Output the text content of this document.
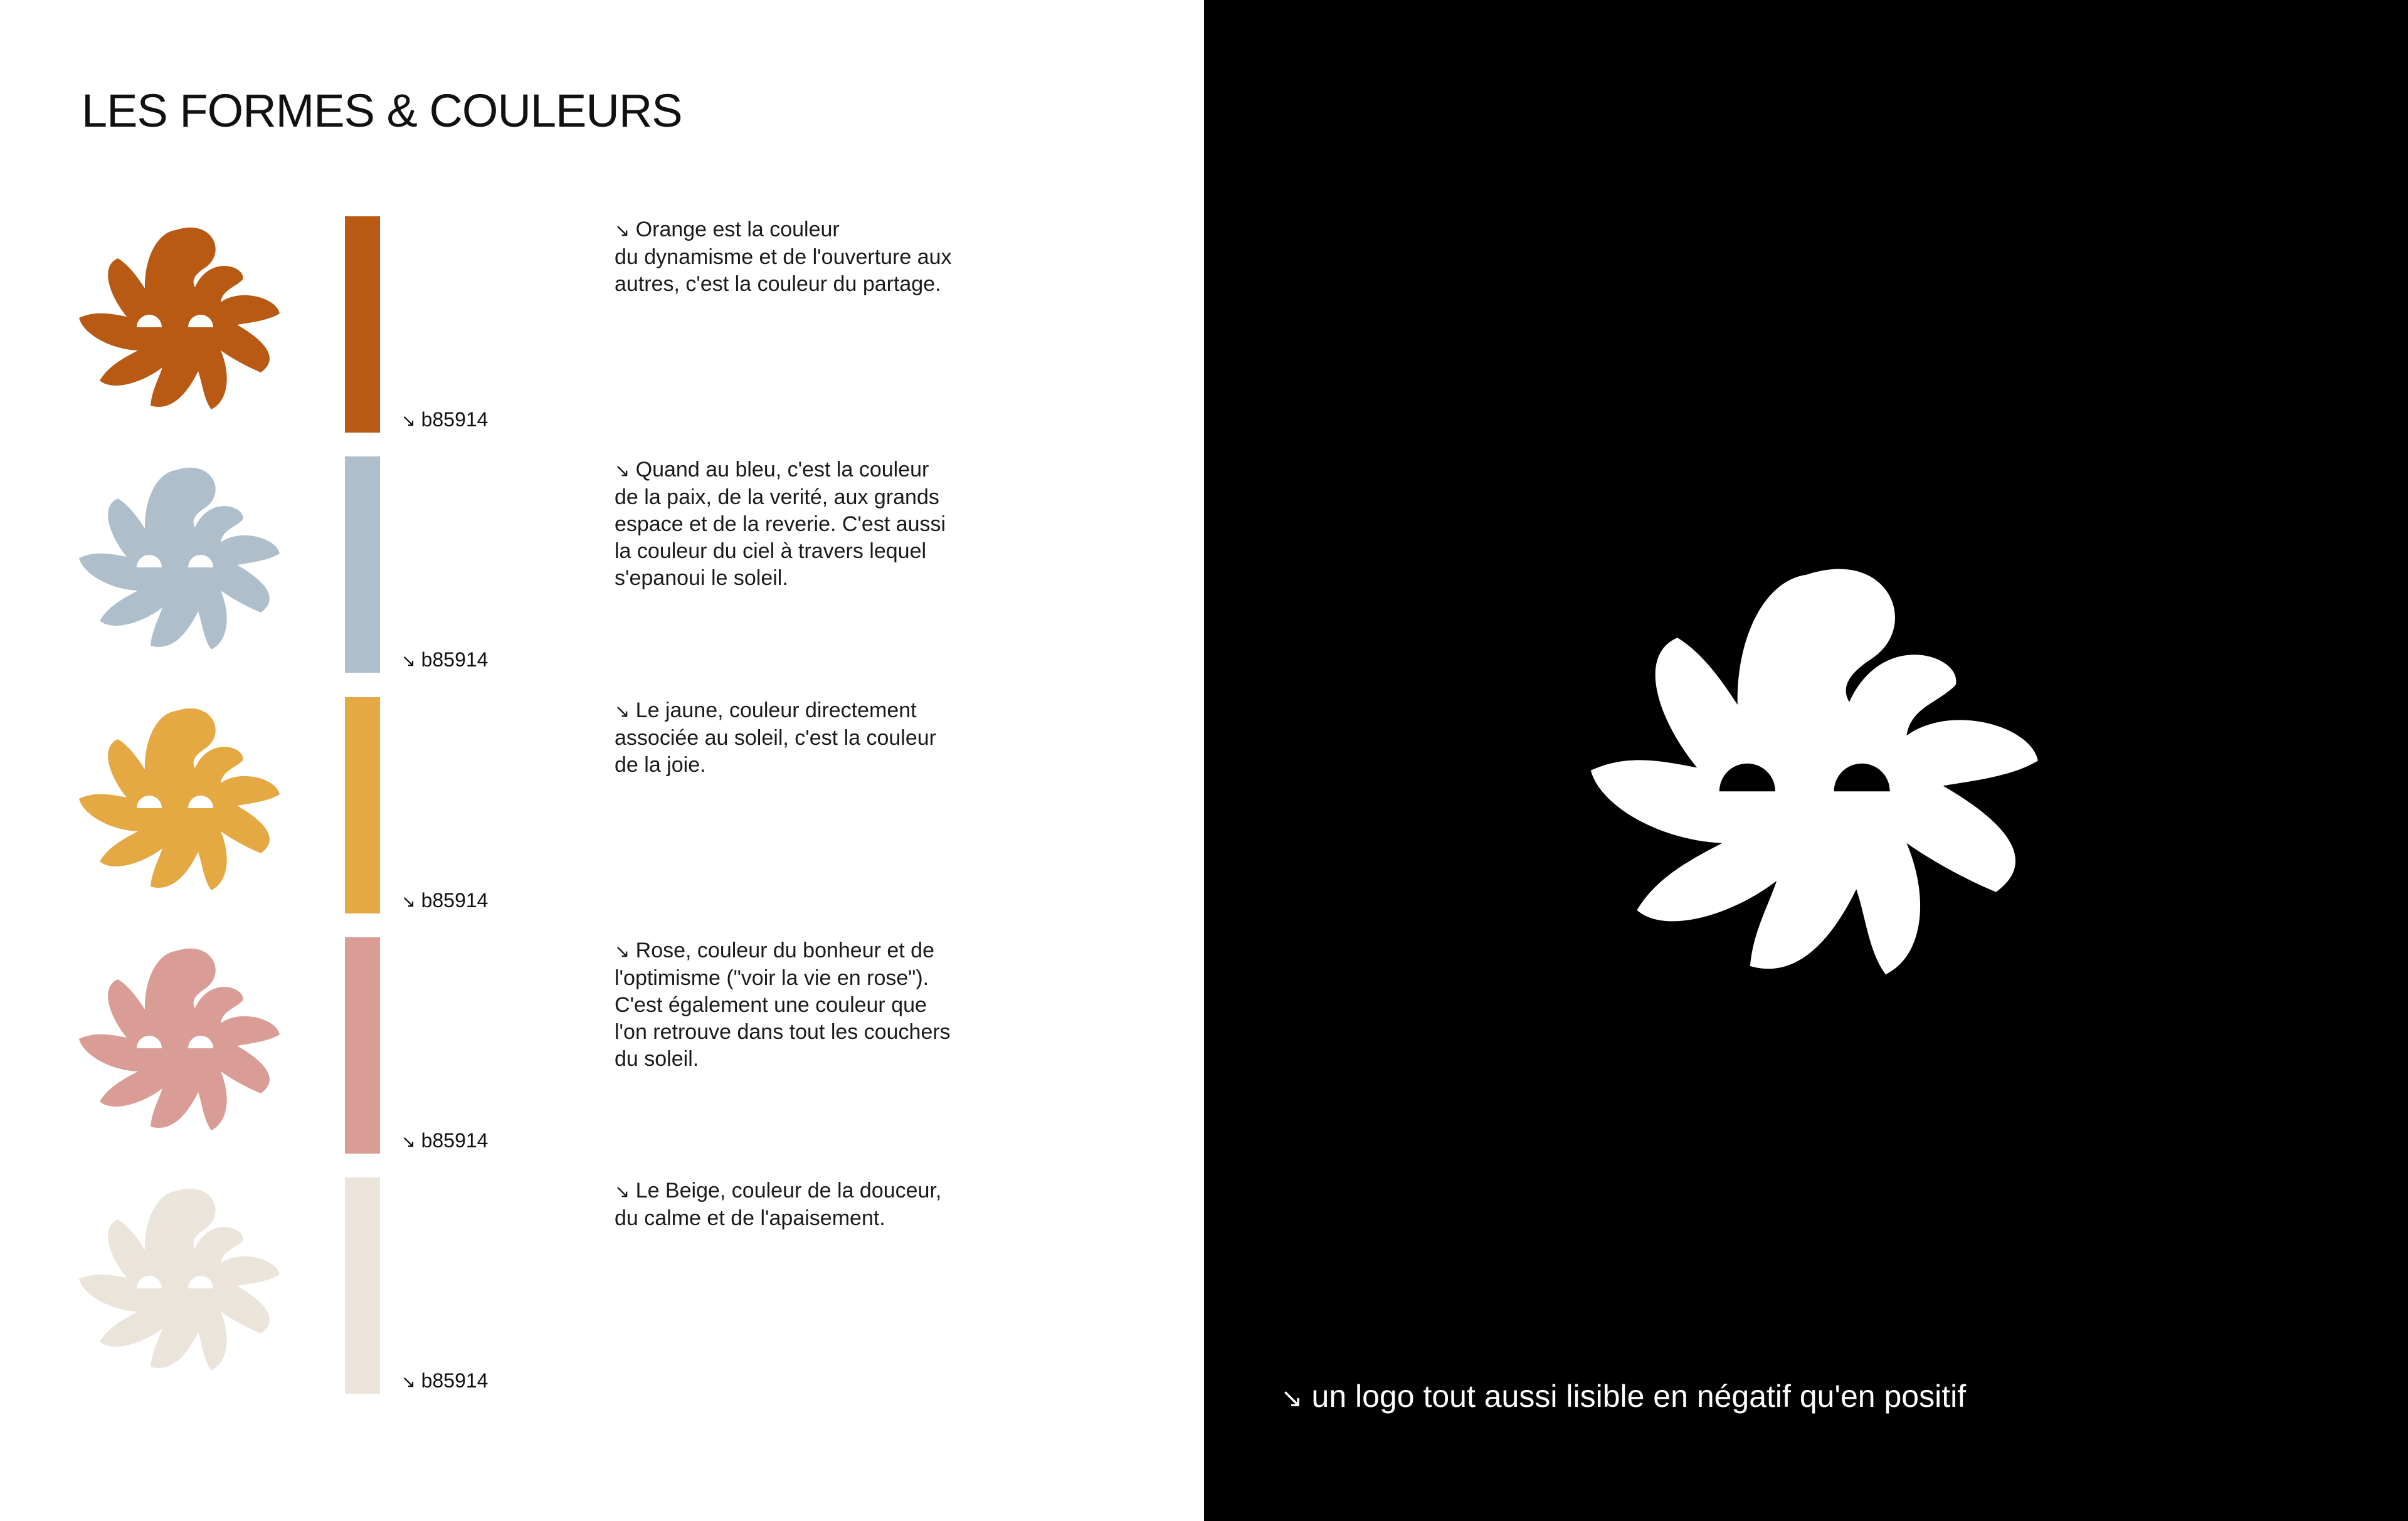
LES FORMES & COULEURS
↘ b85914
↘ Orange est la couleur
du dynamisme et de l'ouverture aux
autres, c'est la couleur du partage.
↘ b85914
↘ Quand au bleu, c'est la couleur
de la paix, de la verité, aux grands
espace et de la reverie. C'est aussi
la couleur du ciel à travers lequel
s'epanoui le soleil.
↘ b85914
↘ Le jaune, couleur directement
associée au soleil, c'est la couleur
de la joie.
↘ b85914
↘ Rose, couleur du bonheur et de
l'optimisme ("voir la vie en rose").
C'est également une couleur que
l'on retrouve dans tout les couchers
du soleil.
↘ b85914
↘ Le Beige, couleur de la douceur,
du calme et de l'apaisement.
↘ un logo tout aussi lisible en négatif qu'en positif
